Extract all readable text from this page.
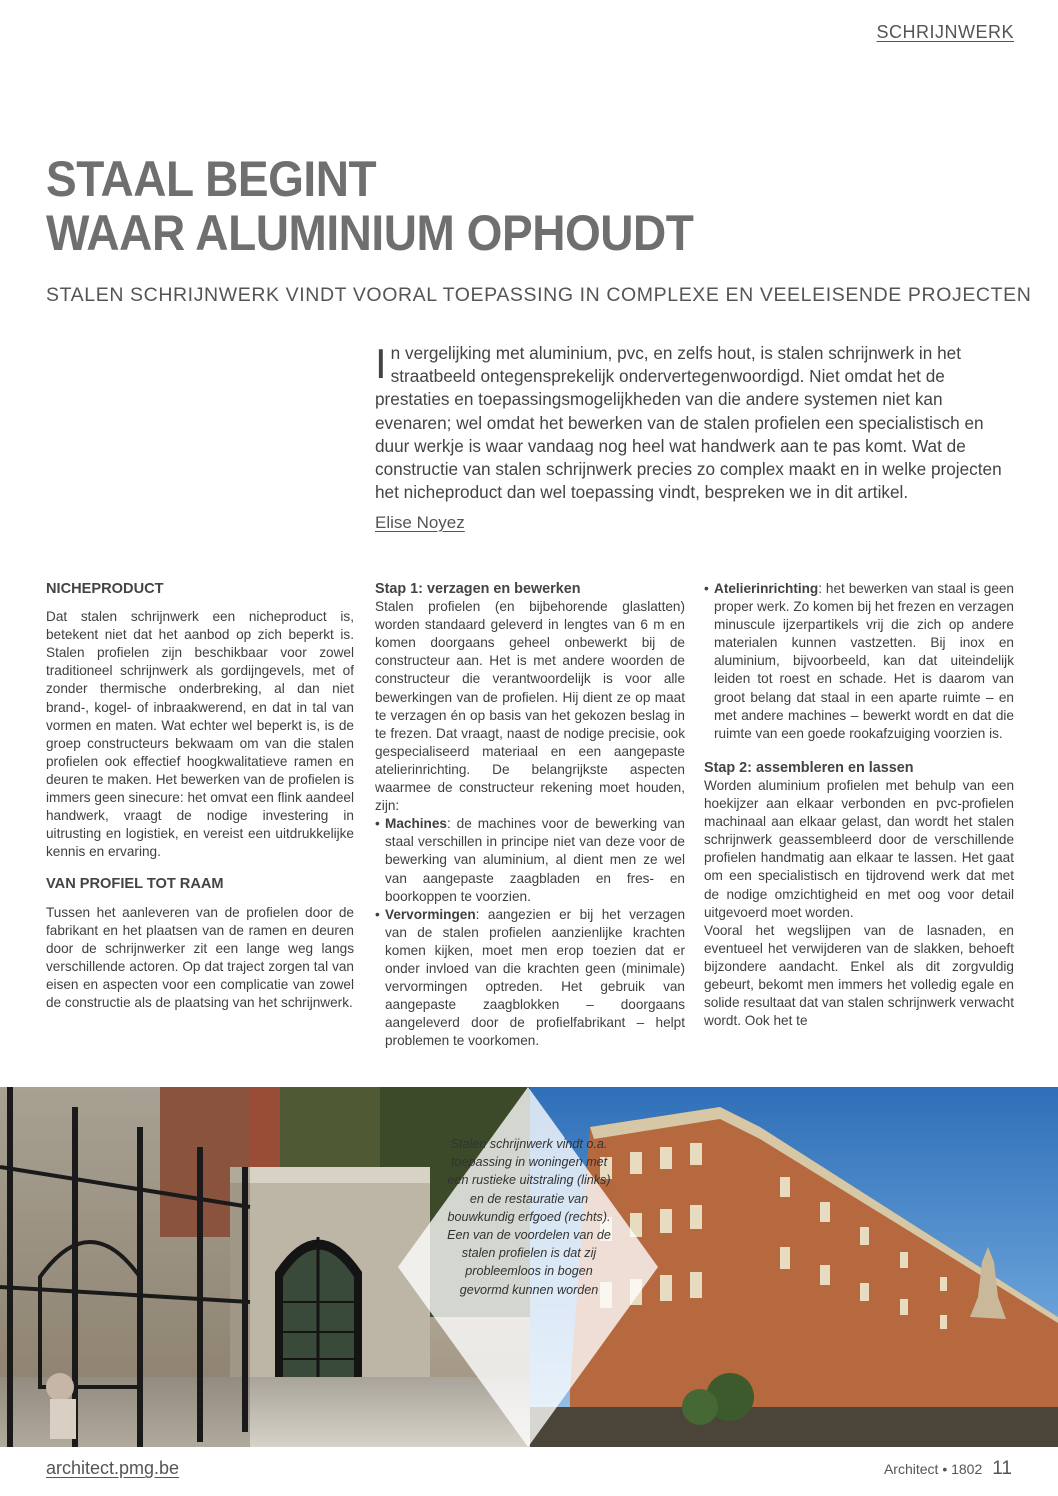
SCHRIJNWERK
STAAL BEGINT
WAAR ALUMINIUM OPHOUDT
STALEN SCHRIJNWERK VINDT VOORAL TOEPASSING IN COMPLEXE EN VEELEISENDE PROJECTEN
In vergelijking met aluminium, pvc, en zelfs hout, is stalen schrijnwerk in het straatbeeld ontegensprekelijk ondervertegenwoordigd. Niet omdat het de prestaties en toepassingsmogelijkheden van die andere systemen niet kan evenaren; wel omdat het bewerken van de stalen profielen een specialistisch en duur werkje is waar vandaag nog heel wat handwerk aan te pas komt. Wat de constructie van stalen schrijnwerk precies zo complex maakt en in welke projecten het nicheproduct dan wel toepassing vindt, bespreken we in dit artikel.
Elise Noyez
NICHEPRODUCT

Dat stalen schrijnwerk een nicheproduct is, betekent niet dat het aanbod op zich beperkt is. Stalen profielen zijn beschikbaar voor zowel traditioneel schrijnwerk als gordijngevels, met of zonder thermische onderbreking, al dan niet brand-, kogel- of inbraakwerend, en dat in tal van vormen en maten. Wat echter wel beperkt is, is de groep constructeurs bekwaam om van die stalen profielen ook effectief hoogkwalitatieve ramen en deuren te maken. Het bewerken van de profielen is immers geen sinecure: het omvat een flink aandeel handwerk, vraagt de nodige investering in uitrusting en logistiek, en vereist een uitdrukkelijke kennis en ervaring.

VAN PROFIEL TOT RAAM

Tussen het aanleveren van de profielen door de fabrikant en het plaatsen van de ramen en deuren door de schrijnwerker zit een lange weg langs verschillende actoren. Op dat traject zorgen tal van eisen en aspecten voor een complicatie van zowel de constructie als de plaatsing van het schrijnwerk.

Stap 1: verzagen en bewerken

Stalen profielen (en bijbehorende glaslatten) worden standaard geleverd in lengtes van 6 m en komen doorgaans geheel onbewerkt bij de constructeur aan. Het is met andere woorden de constructeur die verantwoordelijk is voor alle bewerkingen van de profielen. Hij dient ze op maat te verzagen én op basis van het gekozen beslag in te frezen. Dat vraagt, naast de nodige precisie, ook gespecialiseerd materiaal en een aangepaste atelierinrichting. De belangrijkste aspecten waarmee de constructeur rekening moet houden, zijn:

• Machines: de machines voor de bewerking van staal verschillen in principe niet van deze voor de bewerking van aluminium, al dient men ze wel van aangepaste zaagbladen en fres- en boorkoppen te voorzien.
• Vervormingen: aangezien er bij het verzagen van de stalen profielen aanzienlijke krachten komen kijken, moet men erop toezien dat er onder invloed van die krachten geen (minimale) vervormingen optreden. Het gebruik van aangepaste zaagblokken – doorgaans aangeleverd door de profielfabrikant – helpt problemen te voorkomen.
• Atelierinrichting: het bewerken van staal is geen proper werk. Zo komen bij het frezen en verzagen minuscule ijzerpartikels vrij die zich op andere materialen kunnen vastzetten. Bij inox en aluminium, bijvoorbeeld, kan dat uiteindelijk leiden tot roest en schade. Het is daarom van groot belang dat staal in een aparte ruimte – en met andere machines – bewerkt wordt en dat die ruimte van een goede rookafzuiging voorzien is.
Stap 2: assembleren en lassen

Worden aluminium profielen met behulp van een hoekijzer aan elkaar verbonden en pvc-profielen machinaal aan elkaar gelast, dan wordt het stalen schrijnwerk geassembleerd door de verschillende profielen handmatig aan elkaar te lassen. Het gaat om een specialistisch en tijdrovend werk dat met de nodige omzichtigheid en met oog voor detail uitgevoerd moet worden.

Vooral het wegslijpen van de lasnaden, en eventueel het verwijderen van de slakken, behoeft bijzondere aandacht. Enkel als dit zorgvuldig gebeurt, bekomt men immers het volledig egale en solide resultaat dat van stalen schrijnwerk verwacht wordt. Ook het te

Stalen schrijnwerk vindt o.a. toepassing in woningen met een rustieke uitstraling (links) en de restauratie van bouwkundig erfgoed (rechts). Een van de voordelen van de stalen profielen is dat zij probleemloos in bogen gevormd kunnen worden
architect.pmg.be	Architect • 1802 11
